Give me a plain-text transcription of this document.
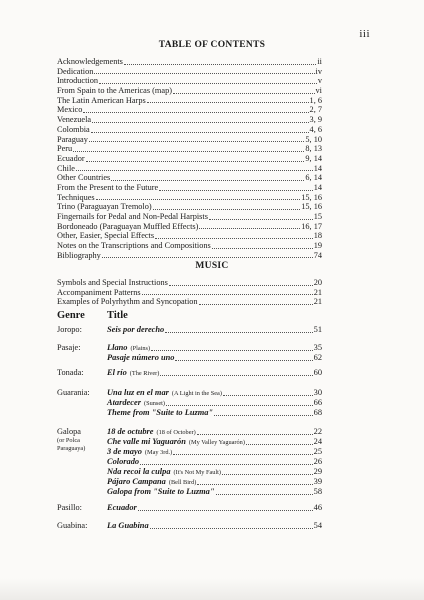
iii
TABLE OF CONTENTS
Acknowledgements	ii
Dedication	iv
Introduction	v
From Spain to the Americas (map)	vi
The Latin American Harps	1, 6
Mexico	2, 7
Venezuela	3, 9
Colombia	4, 6
Paraguay	5, 10
Peru	8, 13
Ecuador	9, 14
Chile	14
Other Countries	6, 14
From the Present to the Future	14
Techniques	15, 16
Trino (Paraguayan Tremolo)	15, 16
Fingernails for Pedal and Non-Pedal Harpists	15
Bordoneado (Paraguayan Muffled Effects)	16, 17
Other, Easier, Special Effects	18
Notes on the Transcriptions and Compositions	19
Bibliography	74
MUSIC
Symbols and Special Instructions	20
Accompaniment Patterns	21
Examples of Polyrhythm and Syncopation	21
Genre	Title
Joropo:	Seis por derecho	51
Pasaje:	Llano (Plains)	35
Pasaje número uno	62
Tonada:	El río (The River)	60
Guarania:	Una luz en el mar (A Light in the Sea)	30
Atardecer (Sunset)	66
Theme from "Suite to Luzma"	68
Galopa
(or Polca Paraguaya)
18 de octubre (18 of October)	22
Che valle mi Yaguarón (My Valley Yaguarón)	24
3 de mayo (May 3rd.)	25
Colorado	26
Nda recoi la culpa (It's Not My Fault)	29
Pájaro Campana (Bell Bird)	39
Galopa from "Suite to Luzma"	58
Pasillo:	Ecuador	46
Guabina:	La Guabina	54
